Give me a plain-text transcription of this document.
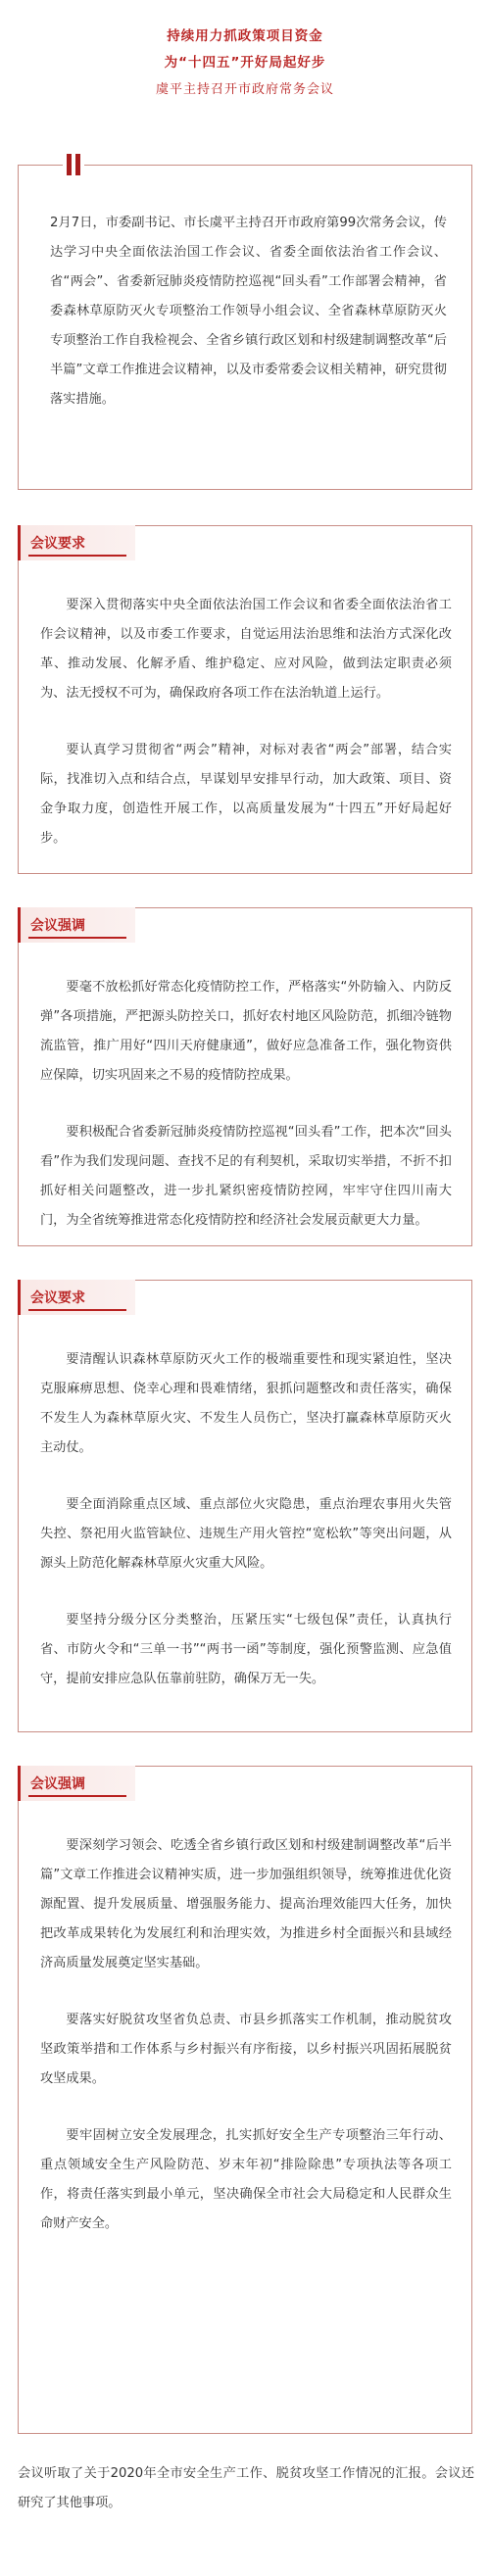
持续用力抓政策项目资金
为“十四五”开好局起好步
虞平主持召开市政府常务会议
2月7日，市委副书记、市长虞平主持召开市政府第99次常务会议，传达学习中央全面依法治国工作会议、省委全面依法治省工作会议、省“两会”、省委新冠肺炎疫情防控巡视“回头看”工作部署会精神，省委森林草原防灭火专项整治工作领导小组会议、全省森林草原防灭火专项整治工作自我检视会、全省乡镇行政区划和村级建制调整改革“后半篇”文章工作推进会议精神，以及市委常委会议相关精神，研究贯彻落实措施。
会议要求

要深入贯彻落实中央全面依法治国工作会议和省委全面依法治省工作会议精神，以及市委工作要求，自觉运用法治思维和法治方式深化改革、推动发展、化解矛盾、维护稳定、应对风险，做到法定职责必须为、法无授权不可为，确保政府各项工作在法治轨道上运行。

要认真学习贯彻省“两会”精神，对标对表省“两会”部署，结合实际，找准切入点和结合点，早谋划早安排早行动，加大政策、项目、资金争取力度，创造性开展工作，以高质量发展为“十四五”开好局起好步。

会议强调

要毫不放松抓好常态化疫情防控工作，严格落实“外防输入、内防反弹”各项措施，严把源头防控关口，抓好农村地区风险防范，抓细冷链物流监管，推广用好“四川天府健康通”，做好应急准备工作，强化物资供应保障，切实巩固来之不易的疫情防控成果。

要积极配合省委新冠肺炎疫情防控巡视“回头看”工作，把本次“回头看”作为我们发现问题、查找不足的有利契机，采取切实举措，不折不扣抓好相关问题整改，进一步扎紧织密疫情防控网，牢牢守住四川南大门，为全省统筹推进常态化疫情防控和经济社会发展贡献更大力量。

会议要求

要清醒认识森林草原防灭火工作的极端重要性和现实紧迫性，坚决克服麻痹思想、侥幸心理和畏难情绪，狠抓问题整改和责任落实，确保不发生人为森林草原火灾、不发生人员伤亡，坚决打赢森林草原防灭火主动仗。

要全面消除重点区域、重点部位火灾隐患，重点治理农事用火失管失控、祭祀用火监管缺位、违规生产用火管控“宽松软”等突出问题，从源头上防范化解森林草原火灾重大风险。

要坚持分级分区分类整治，压紧压实“七级包保”责任，认真执行省、市防火令和“三单一书”“两书一函”等制度，强化预警监测、应急值守，提前安排应急队伍靠前驻防，确保万无一失。

会议强调

要深刻学习领会、吃透全省乡镇行政区划和村级建制调整改革“后半篇”文章工作推进会议精神实质，进一步加强组织领导，统筹推进优化资源配置、提升发展质量、增强服务能力、提高治理效能四大任务，加快把改革成果转化为发展红利和治理实效，为推进乡村全面振兴和县域经济高质量发展奠定坚实基础。

要落实好脱贫攻坚省负总责、市县乡抓落实工作机制，推动脱贫攻坚政策举措和工作体系与乡村振兴有序衔接，以乡村振兴巩固拓展脱贫攻坚成果。

要牢固树立安全发展理念，扎实抓好安全生产专项整治三年行动、重点领域安全生产风险防范、岁末年初“排险除患”专项执法等各项工作，将责任落实到最小单元，坚决确保全市社会大局稳定和人民群众生命财产安全。

会议听取了关于2020年全市安全生产工作、脱贫攻坚工作情况的汇报。会议还研究了其他事项。
